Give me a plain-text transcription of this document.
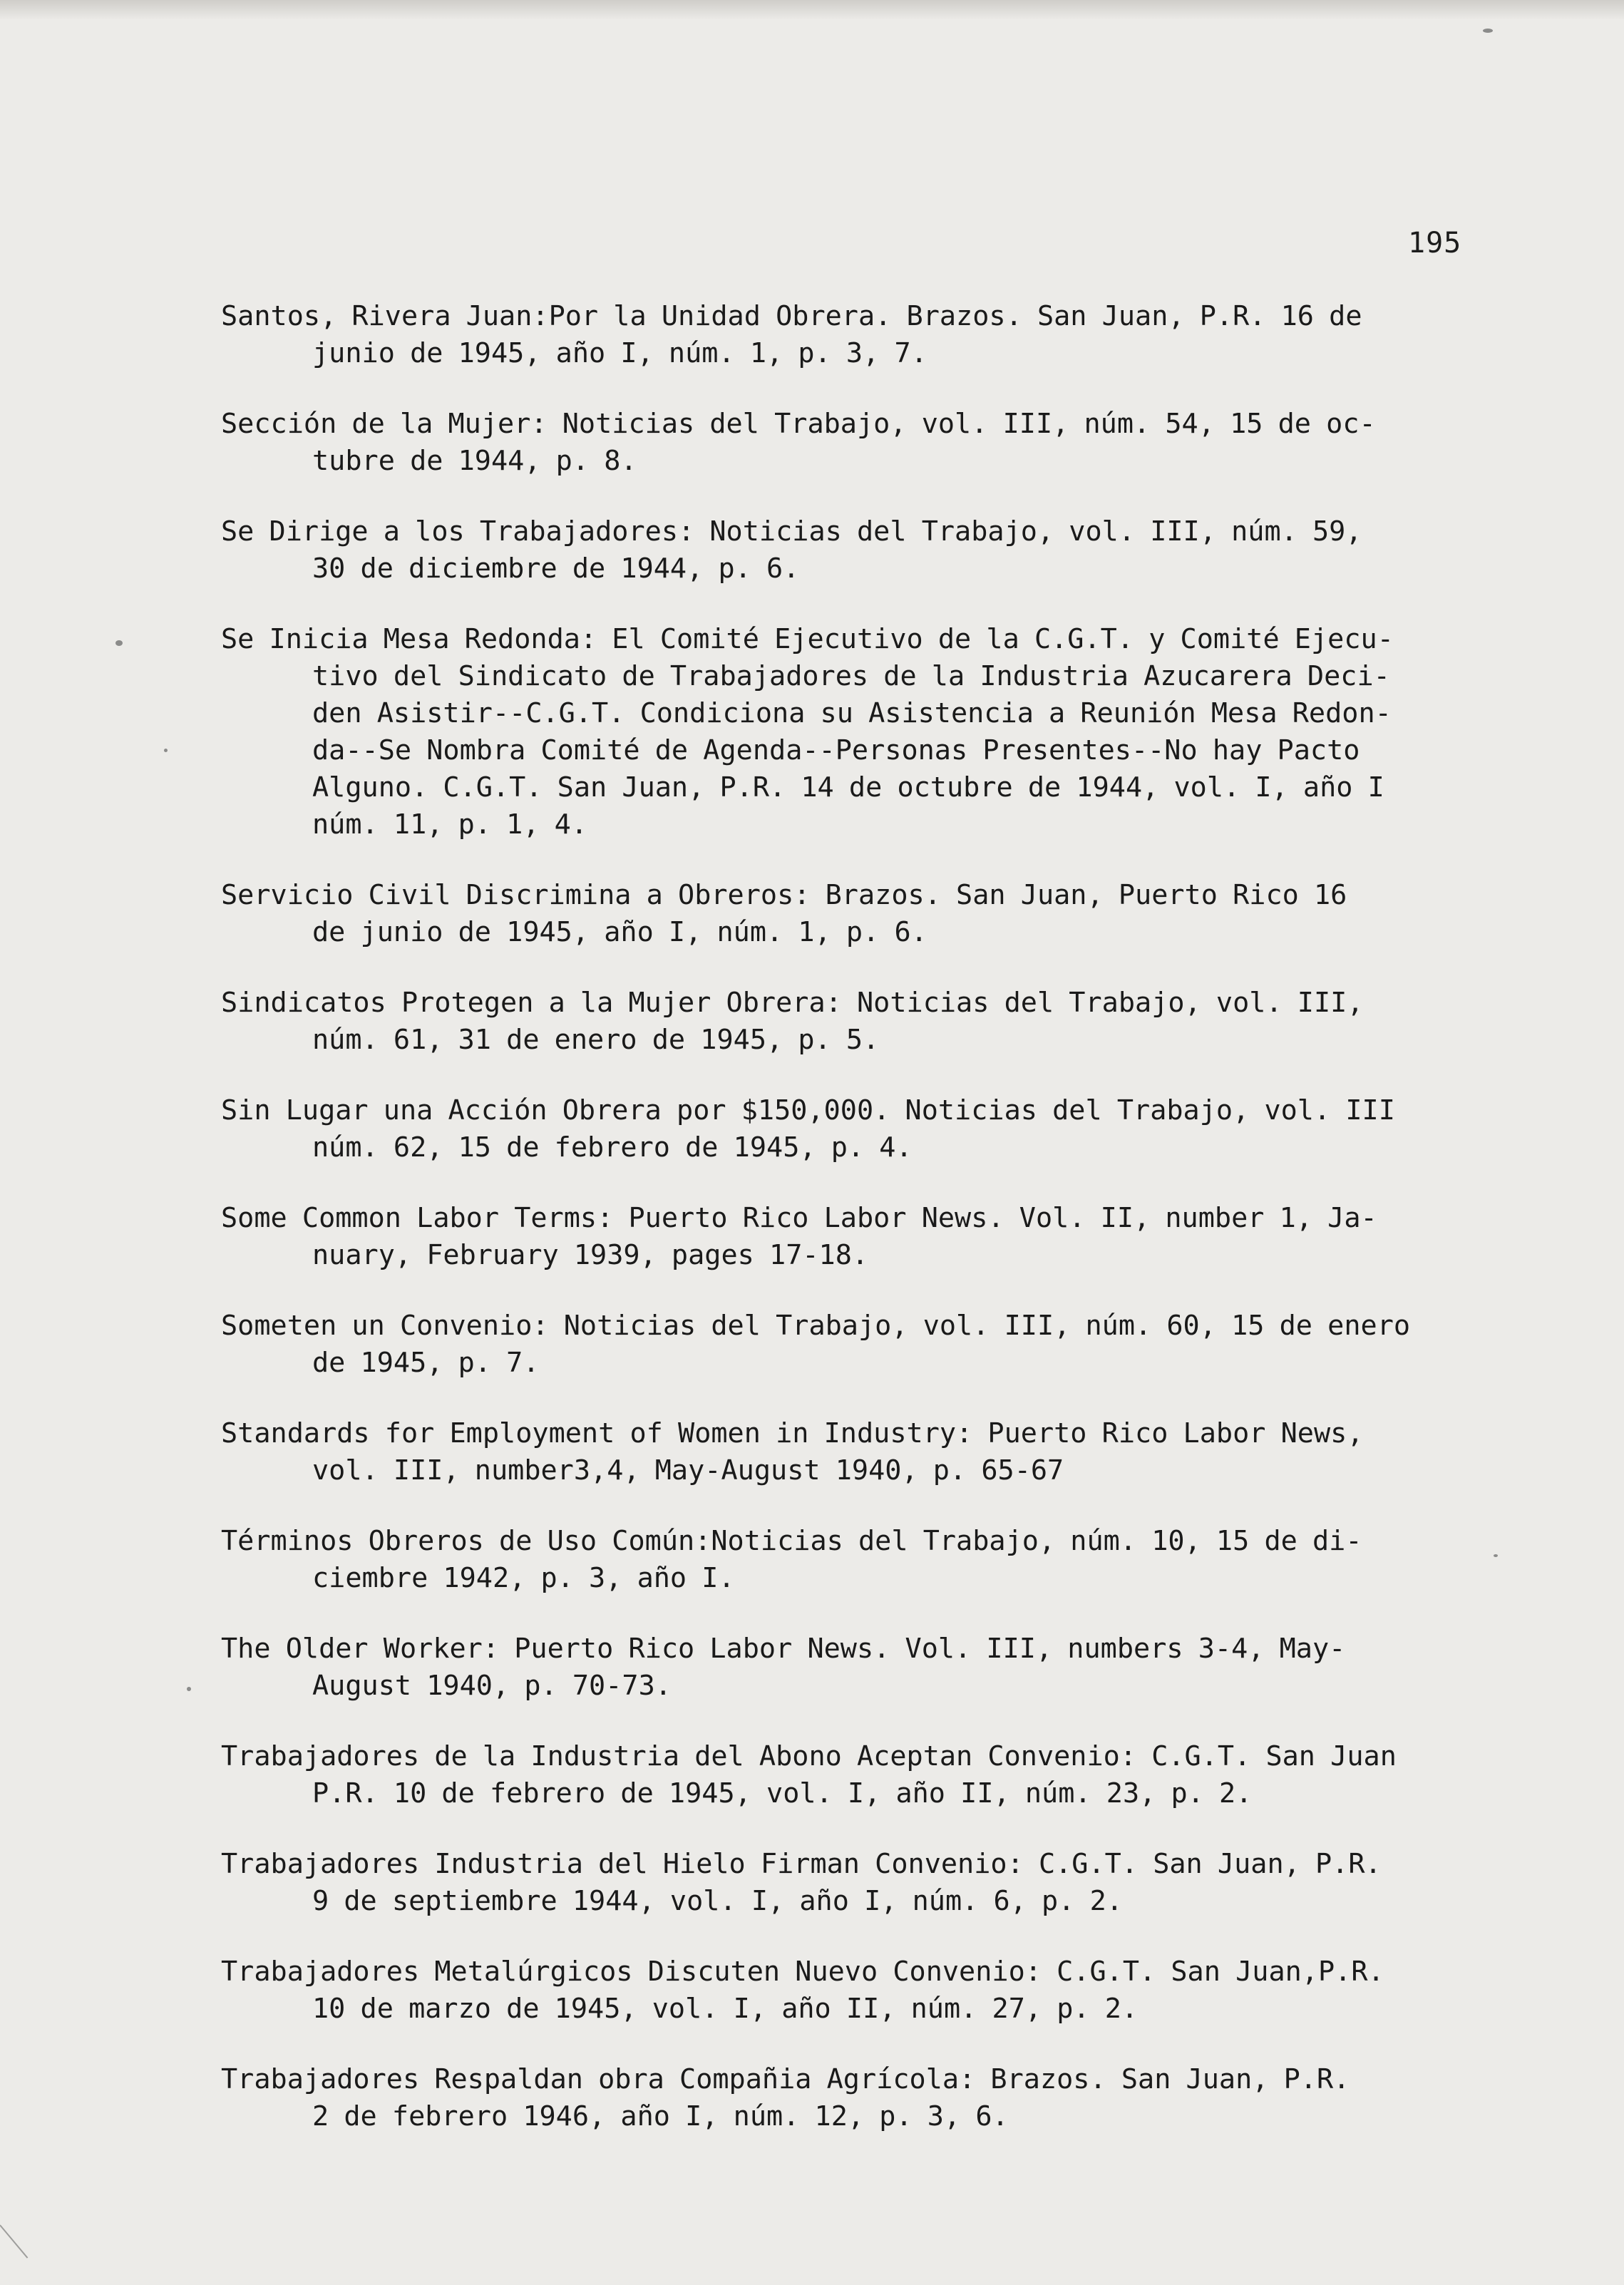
195
Santos, Rivera Juan:Por la Unidad Obrera. Brazos. San Juan, P.R. 16 de
junio de 1945, año I, núm. 1, p. 3, 7.
Sección de la Mujer: Noticias del Trabajo, vol. III, núm. 54, 15 de oc-
tubre de 1944, p. 8.
Se Dirige a los Trabajadores: Noticias del Trabajo, vol. III, núm. 59,
30 de diciembre de 1944, p. 6.
Se Inicia Mesa Redonda: El Comité Ejecutivo de la C.G.T. y Comité Ejecu-
tivo del Sindicato de Trabajadores de la Industria Azucarera Deci-
den Asistir--C.G.T. Condiciona su Asistencia a Reunión Mesa Redon-
da--Se Nombra Comité de Agenda--Personas Presentes--No hay Pacto
Alguno. C.G.T. San Juan, P.R. 14 de octubre de 1944, vol. I, año I
núm. 11, p. 1, 4.
Servicio Civil Discrimina a Obreros: Brazos. San Juan, Puerto Rico 16
de junio de 1945, año I, núm. 1, p. 6.
Sindicatos Protegen a la Mujer Obrera: Noticias del Trabajo, vol. III,
núm. 61, 31 de enero de 1945, p. 5.
Sin Lugar una Acción Obrera por $150,000. Noticias del Trabajo, vol. III
núm. 62, 15 de febrero de 1945, p. 4.
Some Common Labor Terms: Puerto Rico Labor News. Vol. II, number 1, Ja-
nuary, February 1939, pages 17-18.
Someten un Convenio: Noticias del Trabajo, vol. III, núm. 60, 15 de enero
de 1945, p. 7.
Standards for Employment of Women in Industry: Puerto Rico Labor News,
vol. III, number3,4, May-August 1940, p. 65-67
Términos Obreros de Uso Común:Noticias del Trabajo, núm. 10, 15 de di-
ciembre 1942, p. 3, año I.
The Older Worker: Puerto Rico Labor News. Vol. III, numbers 3-4, May-
August 1940, p. 70-73.
Trabajadores de la Industria del Abono Aceptan Convenio: C.G.T. San Juan
P.R. 10 de febrero de 1945, vol. I, año II, núm. 23, p. 2.
Trabajadores Industria del Hielo Firman Convenio: C.G.T. San Juan, P.R.
9 de septiembre 1944, vol. I, año I, núm. 6, p. 2.
Trabajadores Metalúrgicos Discuten Nuevo Convenio: C.G.T. San Juan,P.R.
10 de marzo de 1945, vol. I, año II, núm. 27, p. 2.
Trabajadores Respaldan obra Compañia Agrícola: Brazos. San Juan, P.R.
2 de febrero 1946, año I, núm. 12, p. 3, 6.
